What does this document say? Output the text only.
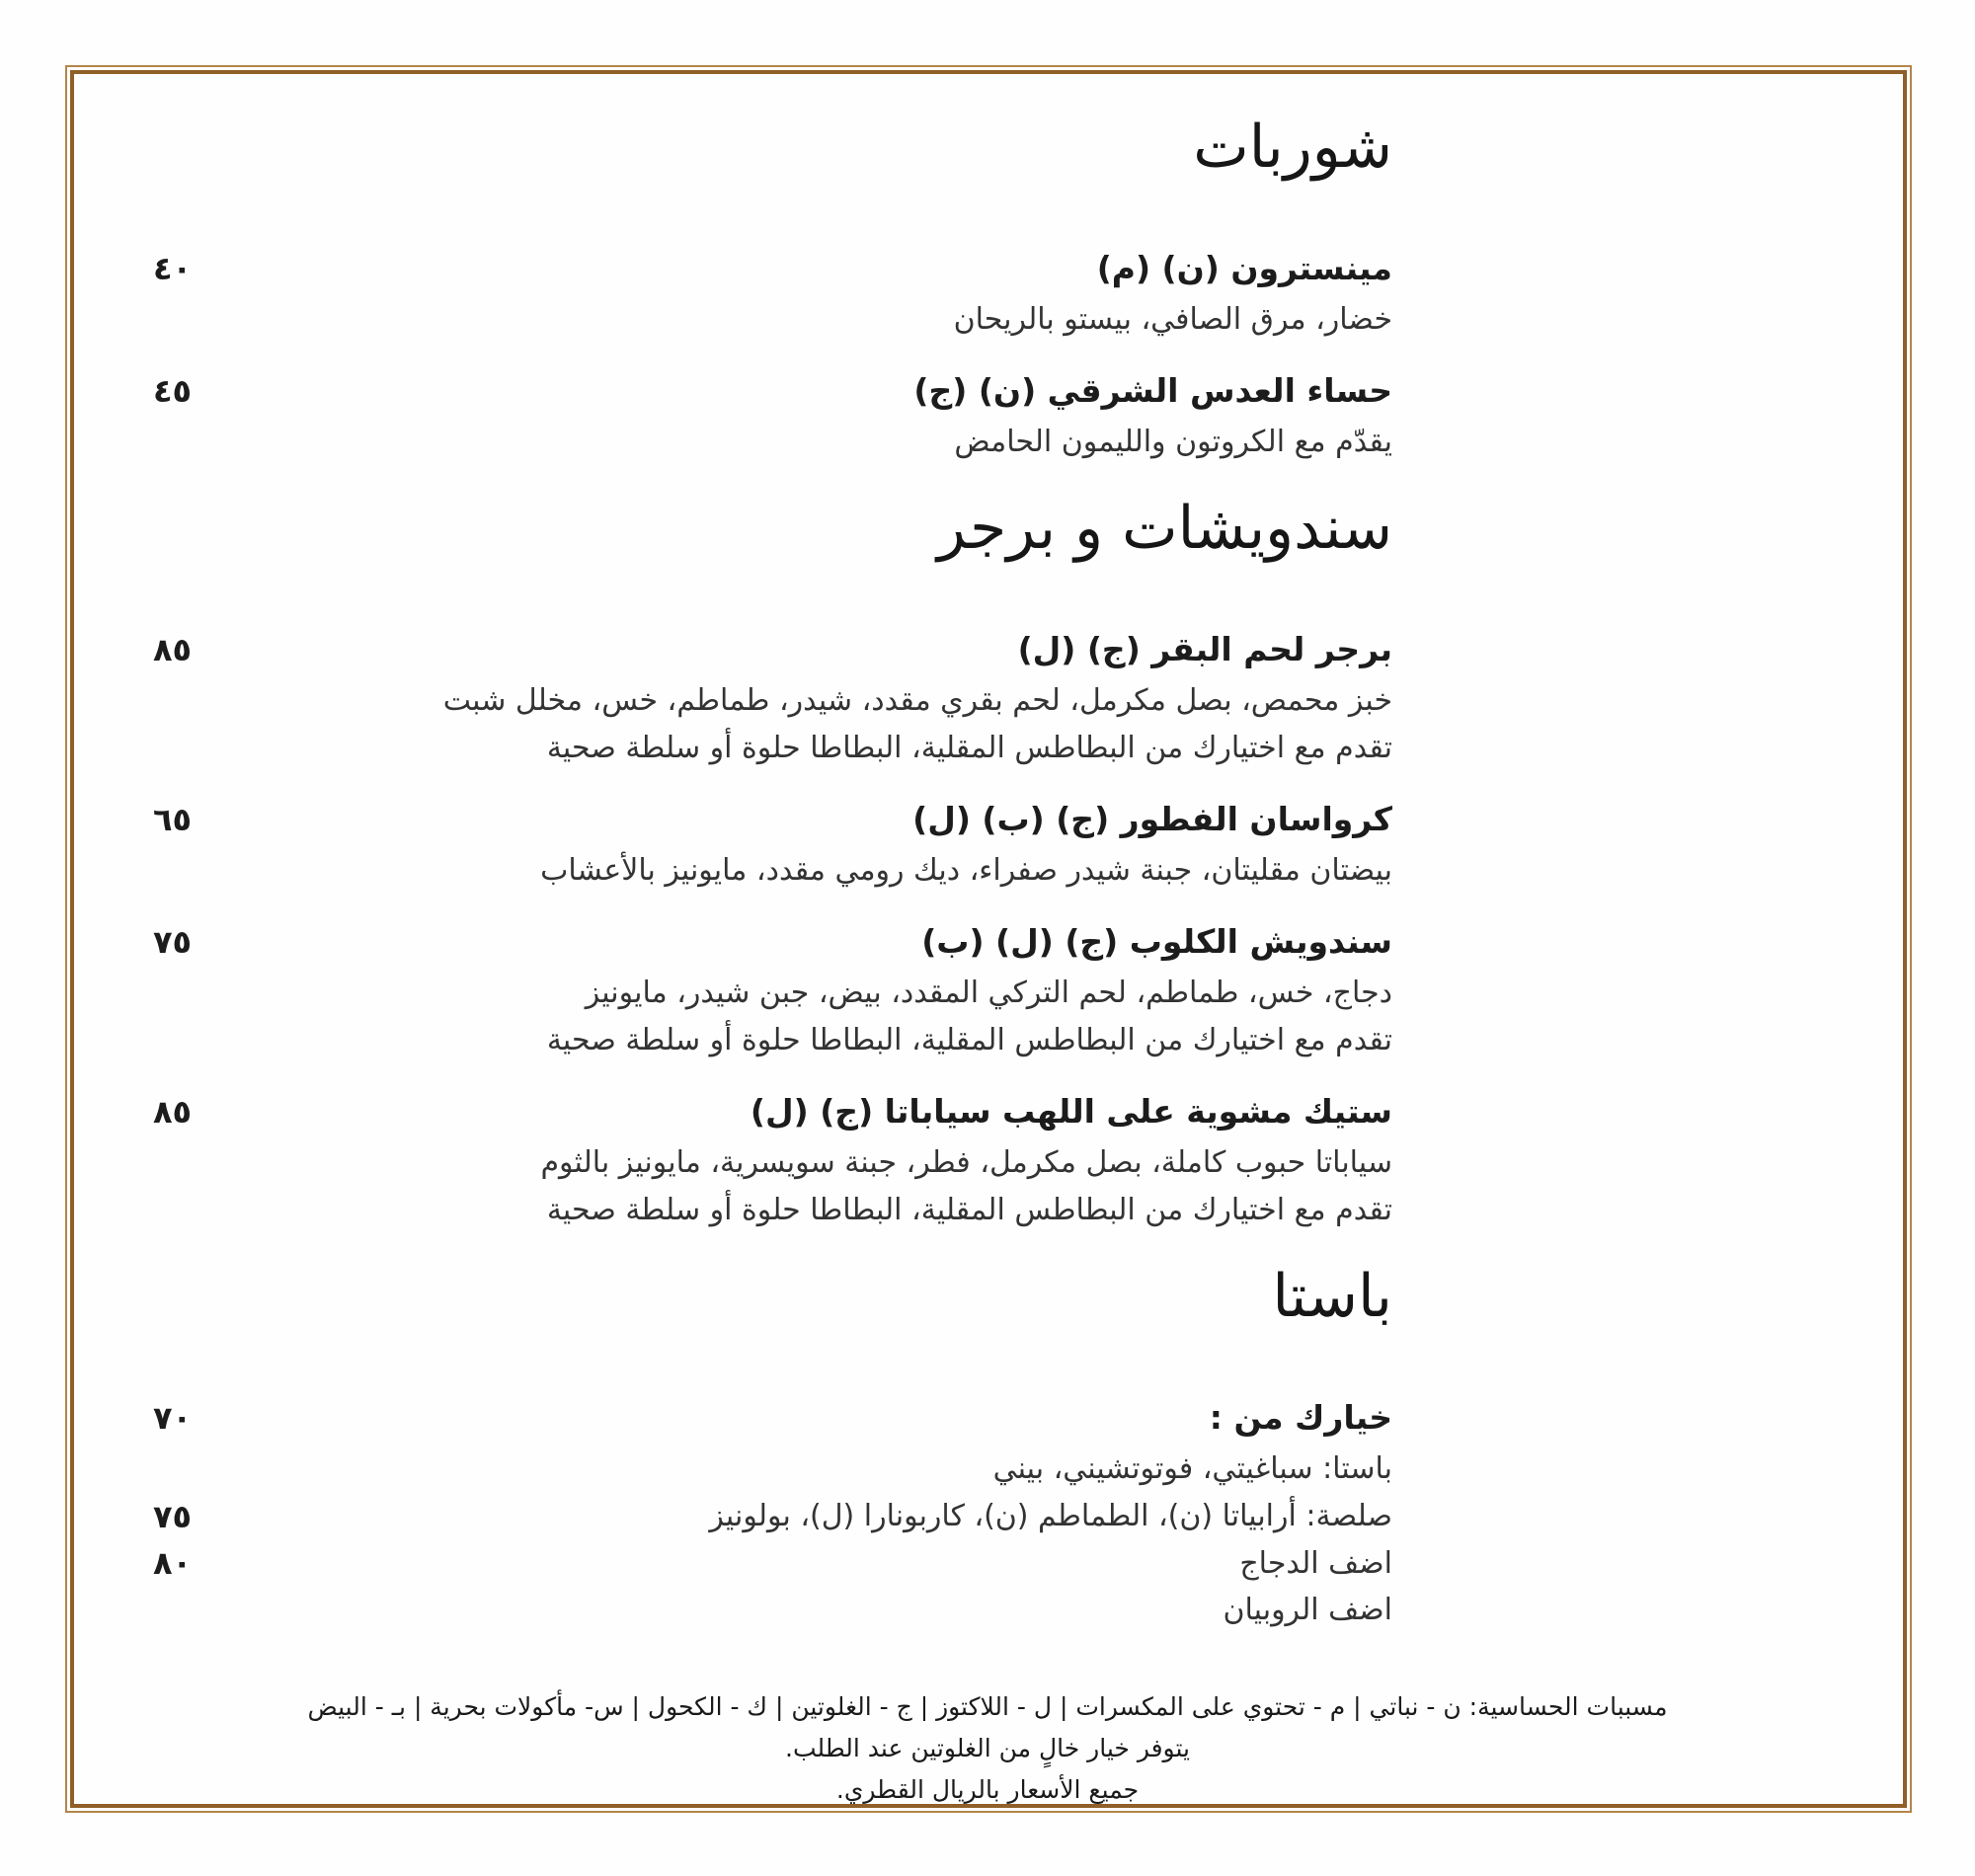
شوربات
مينسترون (ن) (م)
٤٠
خضار، مرق الصافي، بيستو بالريحان
حساء العدس الشرقي (ن) (ج)
٤٥
يقدّم مع الكروتون والليمون الحامض
سندويشات و برجر
برجر لحم البقر (ج) (ل)
٨٥
خبز محمص، بصل مكرمل، لحم بقري مقدد، شيدر، طماطم، خس، مخلل شبت
تقدم مع اختيارك من البطاطس المقلية، البطاطا حلوة أو سلطة صحية
كرواسان الفطور (ج) (ب) (ل)
٦٥
بيضتان مقليتان، جبنة شيدر صفراء، ديك رومي مقدد، مايونيز بالأعشاب
سندويش الكلوب (ج) (ل) (ب)
٧٥
دجاج، خس، طماطم، لحم التركي المقدد، بيض، جبن شيدر، مايونيز
تقدم مع اختيارك من البطاطس المقلية، البطاطا حلوة أو سلطة صحية
ستيك مشوية على اللهب سياباتا (ج) (ل)
٨٥
سياباتا حبوب كاملة، بصل مكرمل، فطر، جبنة سويسرية، مايونيز بالثوم
تقدم مع اختيارك من البطاطس المقلية، البطاطا حلوة أو سلطة صحية
باستا
خيارك من :
٧٠
باستا: سباغيتي، فوتوتشيني، بيني
صلصة: أرابياتا (ن)، الطماطم (ن)، كاربونارا (ل)، بولونيز
اضف الدجاج
٧٥
اضف الروبيان
٨٠
مسببات الحساسية: ن - نباتي | م - تحتوي على المكسرات | ل - اللاكتوز | ج - الغلوتين | ك - الكحول | س- مأكولات بحرية | بـ - البيض
يتوفر خيار خالٍ من الغلوتين عند الطلب.
جميع الأسعار بالريال القطري.
